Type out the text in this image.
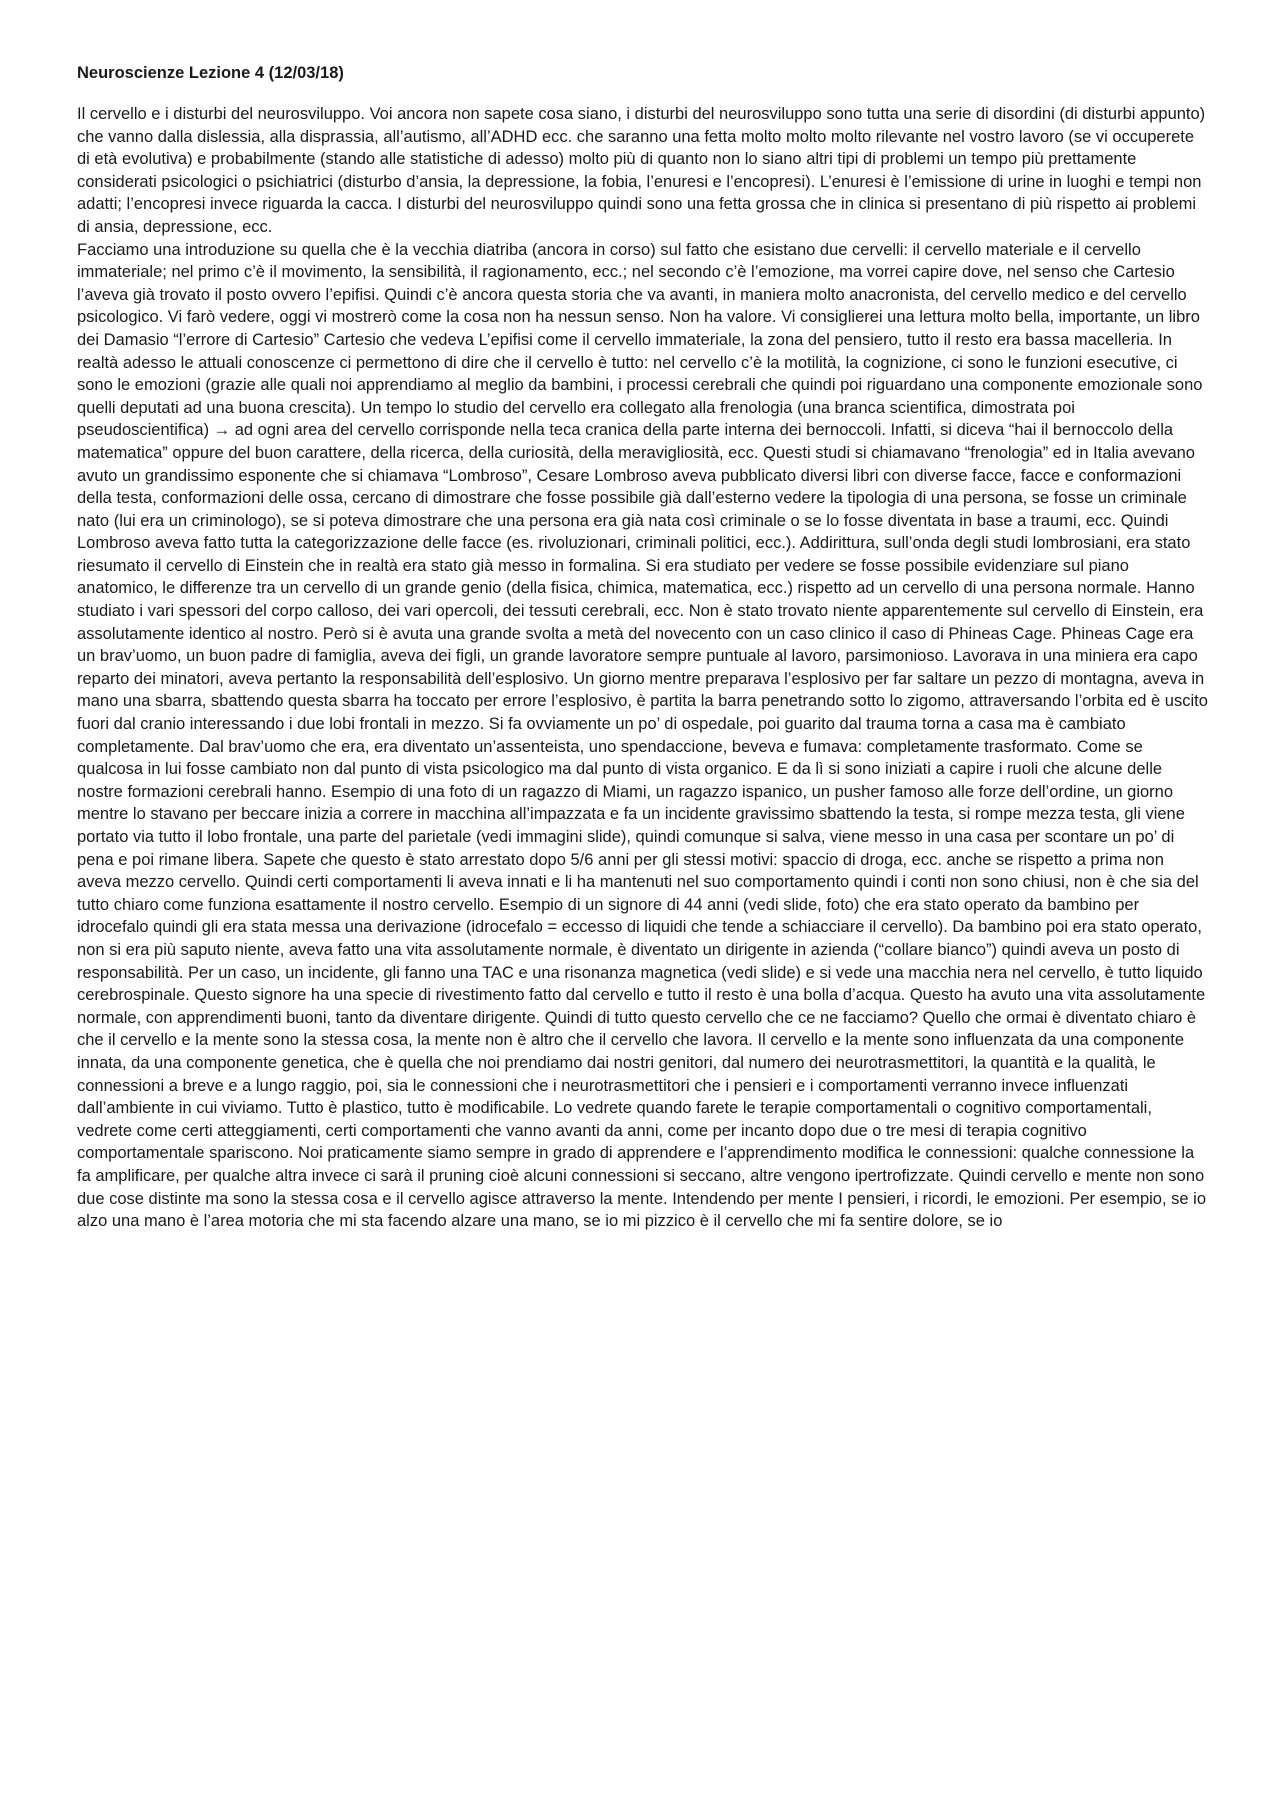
Neuroscienze Lezione 4 (12/03/18)

Il cervello e i disturbi del neurosviluppo. Voi ancora non sapete cosa siano, i disturbi del neurosviluppo sono tutta una serie di disordini (di disturbi appunto) che vanno dalla dislessia, alla disprassia, all’autismo, all’ADHD ecc. che saranno una fetta molto molto molto rilevante nel vostro lavoro (se vi occuperete di età evolutiva) e probabilmente (stando alle statistiche di adesso) molto più di quanto non lo siano altri tipi di problemi un tempo più prettamente considerati psicologici o psichiatrici (disturbo d’ansia, la depressione, la fobia, l’enuresi e l’encopresi). L’enuresi è l’emissione di urine in luoghi e tempi non adatti; l’encopresi invece riguarda la cacca. I disturbi del neurosviluppo quindi sono una fetta grossa che in clinica si presentano di più rispetto ai problemi di ansia, depressione, ecc.

Facciamo una introduzione su quella che è la vecchia diatriba (ancora in corso) sul fatto che esistano due cervelli: il cervello materiale e il cervello immateriale; nel primo c’è il movimento, la sensibilità, il ragionamento, ecc.; nel secondo c’è l’emozione, ma vorrei capire dove, nel senso che Cartesio l’aveva già trovato il posto ovvero l’epifisi. Quindi c’è ancora questa storia che va avanti, in maniera molto anacronista, del cervello medico e del cervello psicologico. Vi farò vedere, oggi vi mostrerò come la cosa non ha nessun senso. Non ha valore. Vi consiglierei una lettura molto bella, importante, un libro dei Damasio “l’errore di Cartesio” Cartesio che vedeva L’epifisi come il cervello immateriale, la zona del pensiero, tutto il resto era bassa macelleria. In realtà adesso le attuali conoscenze ci permettono di dire che il cervello è tutto: nel cervello c’è la motilità, la cognizione, ci sono le funzioni esecutive, ci sono le emozioni (grazie alle quali noi apprendiamo al meglio da bambini, i processi cerebrali che quindi poi riguardano una componente emozionale sono quelli deputati ad una buona crescita). Un tempo lo studio del cervello era collegato alla frenologia (una branca scientifica, dimostrata poi pseudoscientifica) → ad ogni area del cervello corrisponde nella teca cranica della parte interna dei bernoccoli. Infatti, si diceva “hai il bernoccolo della matematica” oppure del buon carattere, della ricerca, della curiosità, della meravigliosità, ecc. Questi studi si chiamavano “frenologia” ed in Italia avevano avuto un grandissimo esponente che si chiamava “Lombroso”, Cesare Lombroso aveva pubblicato diversi libri con diverse facce, facce e conformazioni della testa, conformazioni delle ossa, cercano di dimostrare che fosse possibile già dall’esterno vedere la tipologia di una persona, se fosse un criminale nato (lui era un criminologo), se si poteva dimostrare che una persona era già nata così criminale o se lo fosse diventata in base a traumi, ecc. Quindi Lombroso aveva fatto tutta la categorizzazione delle facce (es. rivoluzionari, criminali politici, ecc.). Addirittura, sull’onda degli studi lombrosiani, era stato riesumato il cervello di Einstein che in realtà era stato già messo in formalina. Si era studiato per vedere se fosse possibile evidenziare sul piano anatomico, le differenze tra un cervello di un grande genio (della fisica, chimica, matematica, ecc.) rispetto ad un cervello di una persona normale. Hanno studiato i vari spessori del corpo calloso, dei vari opercoli, dei tessuti cerebrali, ecc. Non è stato trovato niente apparentemente sul cervello di Einstein, era assolutamente identico al nostro. Però si è avuta una grande svolta a metà del novecento con un caso clinico il caso di Phineas Cage. Phineas Cage era un brav’uomo, un buon padre di famiglia, aveva dei figli, un grande lavoratore sempre puntuale al lavoro, parsimonioso. Lavorava in una miniera era capo reparto dei minatori, aveva pertanto la responsabilità dell’esplosivo. Un giorno mentre preparava l’esplosivo per far saltare un pezzo di montagna, aveva in mano una sbarra, sbattendo questa sbarra ha toccato per errore l’esplosivo, è partita la barra penetrando sotto lo zigomo, attraversando l’orbita ed è uscito fuori dal cranio interessando i due lobi frontali in mezzo. Si fa ovviamente un po’ di ospedale, poi guarito dal trauma torna a casa ma è cambiato completamente. Dal brav’uomo che era, era diventato un’assenteista, uno spendaccione, beveva e fumava: completamente trasformato. Come se qualcosa in lui fosse cambiato non dal punto di vista psicologico ma dal punto di vista organico. E da lì si sono iniziati a capire i ruoli che alcune delle nostre formazioni cerebrali hanno. Esempio di una foto di un ragazzo di Miami, un ragazzo ispanico, un pusher famoso alle forze dell’ordine, un giorno mentre lo stavano per beccare inizia a correre in macchina all’impazzata e fa un incidente gravissimo sbattendo la testa, si rompe mezza testa, gli viene portato via tutto il lobo frontale, una parte del parietale (vedi immagini slide), quindi comunque si salva, viene messo in una casa per scontare un po’ di pena e poi rimane libera. Sapete che questo è stato arrestato dopo 5/6 anni per gli stessi motivi: spaccio di droga, ecc. anche se rispetto a prima non aveva mezzo cervello. Quindi certi comportamenti li aveva innati e li ha mantenuti nel suo comportamento quindi i conti non sono chiusi, non è che sia del tutto chiaro come funziona esattamente il nostro cervello. Esempio di un signore di 44 anni (vedi slide, foto) che era stato operato da bambino per idrocefalo quindi gli era stata messa una derivazione (idrocefalo = eccesso di liquidi che tende a schiacciare il cervello). Da bambino poi era stato operato, non si era più saputo niente, aveva fatto una vita assolutamente normale, è diventato un dirigente in azienda (“collare bianco”) quindi aveva un posto di responsabilità. Per un caso, un incidente, gli fanno una TAC e una risonanza magnetica (vedi slide) e si vede una macchia nera nel cervello, è tutto liquido cerebrospinale. Questo signore ha una specie di rivestimento fatto dal cervello e tutto il resto è una bolla d’acqua. Questo ha avuto una vita assolutamente normale, con apprendimenti buoni, tanto da diventare dirigente. Quindi di tutto questo cervello che ce ne facciamo? Quello che ormai è diventato chiaro è che il cervello e la mente sono la stessa cosa, la mente non è altro che il cervello che lavora. Il cervello e la mente sono influenzata da una componente innata, da una componente genetica, che è quella che noi prendiamo dai nostri genitori, dal numero dei neurotrasmettitori, la quantità e la qualità, le connessioni a breve e a lungo raggio, poi, sia le connessioni che i neurotrasmettitori che i pensieri e i comportamenti verranno invece influenzati dall’ambiente in cui viviamo. Tutto è plastico, tutto è modificabile. Lo vedrete quando farete le terapie comportamentali o cognitivo comportamentali, vedrete come certi atteggiamenti, certi comportamenti che vanno avanti da anni, come per incanto dopo due o tre mesi di terapia cognitivo comportamentale spariscono. Noi praticamente siamo sempre in grado di apprendere e l’apprendimento modifica le connessioni: qualche connessione la fa amplificare, per qualche altra invece ci sarà il pruning cioè alcuni connessioni si seccano, altre vengono ipertrofizzate. Quindi cervello e mente non sono due cose distinte ma sono la stessa cosa e il cervello agisce attraverso la mente. Intendendo per mente I pensieri, i ricordi, le emozioni. Per esempio, se io alzo una mano è l’area motoria che mi sta facendo alzare una mano, se io mi pizzico è il cervello che mi fa sentire dolore, se io
